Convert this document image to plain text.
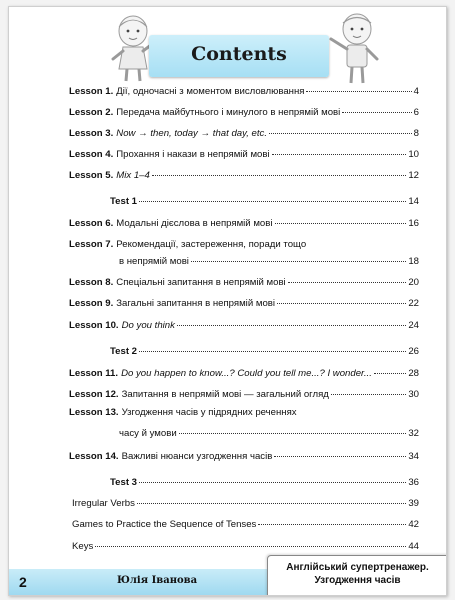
Contents
Lesson 1. Дії, одночасні з моментом висловлювання	4
Lesson 2. Передача майбутнього і минулого в непрямій мові	6
Lesson 3. Now → then, today → that day, etc.	8
Lesson 4. Прохання і накази в непрямій мові	10
Lesson 5. Mix 1–4	12
Test 1	14
Lesson 6. Модальні дієслова в непрямій мові	16
Lesson 7. Рекомендації, застереження, поради тощо
в непрямій мові	18
Lesson 8. Спеціальні запитання в непрямій мові	20
Lesson 9. Загальні запитання в непрямій мові	22
Lesson 10. Do you think	24
Test 2	26
Lesson 11. Do you happen to know...? Could you tell me...? I wonder...	28
Lesson 12. Запитання в непрямій мові — загальний огляд	30
Lesson 13. Узгодження часів у підрядних реченнях
часу й умови	32
Lesson 14. Важливі нюанси узгодження часів	34
Test 3	36
Irregular Verbs	39
Games to Practice the Sequence of Tenses	42
Keys	44
2	Юлія Іванова
Англійський супертренажер.
Узгодження часів
